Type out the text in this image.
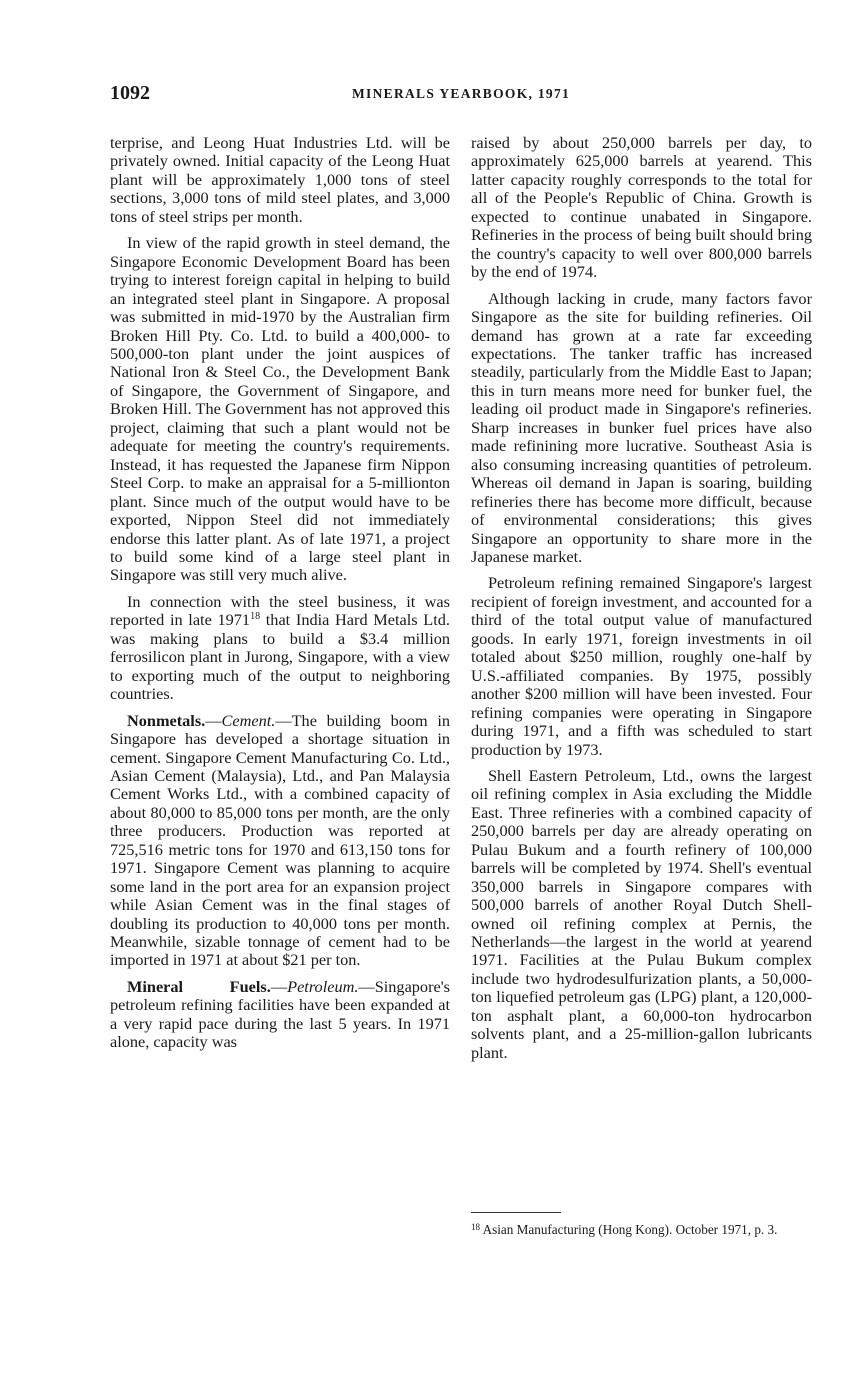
1092	MINERALS YEARBOOK, 1971

terprise, and Leong Huat Industries Ltd. will be privately owned. Initial capacity of the Leong Huat plant will be approximately 1,000 tons of steel sections, 3,000 tons of mild steel plates, and 3,000 tons of steel strips per month.

In view of the rapid growth in steel demand, the Singapore Economic Development Board has been trying to interest foreign capital in helping to build an integrated steel plant in Singapore. A proposal was submitted in mid-1970 by the Australian firm Broken Hill Pty. Co. Ltd. to build a 400,000- to 500,000-ton plant under the joint auspices of National Iron & Steel Co., the Development Bank of Singapore, the Government of Singapore, and Broken Hill. The Government has not approved this project, claiming that such a plant would not be adequate for meeting the country's requirements. Instead, it has requested the Japanese firm Nippon Steel Corp. to make an appraisal for a 5-millionton plant. Since much of the output would have to be exported, Nippon Steel did not immediately endorse this latter plant. As of late 1971, a project to build some kind of a large steel plant in Singapore was still very much alive.

In connection with the steel business, it was reported in late 1971$^{18}$ that India Hard Metals Ltd. was making plans to build a $3.4 million ferrosilicon plant in Jurong, Singapore, with a view to exporting much of the output to neighboring countries.

Nonmetals.—Cement.—The building boom in Singapore has developed a shortage situation in cement. Singapore Cement Manufacturing Co. Ltd., Asian Cement (Malaysia), Ltd., and Pan Malaysia Cement Works Ltd., with a combined capacity of about 80,000 to 85,000 tons per month, are the only three producers. Production was reported at 725,516 metric tons for 1970 and 613,150 tons for 1971. Singapore Cement was planning to acquire some land in the port area for an expansion project while Asian Cement was in the final stages of doubling its production to 40,000 tons per month. Meanwhile, sizable tonnage of cement had to be imported in 1971 at about $21 per ton.

Mineral Fuels.—Petroleum.—Singapore's petroleum refining facilities have been expanded at a very rapid pace during the last 5 years. In 1971 alone, capacity was

raised by about 250,000 barrels per day, to approximately 625,000 barrels at yearend. This latter capacity roughly corresponds to the total for all of the People's Republic of China. Growth is expected to continue unabated in Singapore. Refineries in the process of being built should bring the country's capacity to well over 800,000 barrels by the end of 1974.

Although lacking in crude, many factors favor Singapore as the site for building refineries. Oil demand has grown at a rate far exceeding expectations. The tanker traffic has increased steadily, particularly from the Middle East to Japan; this in turn means more need for bunker fuel, the leading oil product made in Singapore's refineries. Sharp increases in bunker fuel prices have also made refinining more lucrative. Southeast Asia is also consuming increasing quantities of petroleum. Whereas oil demand in Japan is soaring, building refineries there has become more difficult, because of environmental considerations; this gives Singapore an opportunity to share more in the Japanese market.

Petroleum refining remained Singapore's largest recipient of foreign investment, and accounted for a third of the total output value of manufactured goods. In early 1971, foreign investments in oil totaled about $250 million, roughly one-half by U.S.-affiliated companies. By 1975, possibly another $200 million will have been invested. Four refining companies were operating in Singapore during 1971, and a fifth was scheduled to start production by 1973.

Shell Eastern Petroleum, Ltd., owns the largest oil refining complex in Asia excluding the Middle East. Three refineries with a combined capacity of 250,000 barrels per day are already operating on Pulau Bukum and a fourth refinery of 100,000 barrels will be completed by 1974. Shell's eventual 350,000 barrels in Singapore compares with 500,000 barrels of another Royal Dutch Shell-owned oil refining complex at Pernis, the Netherlands—the largest in the world at yearend 1971. Facilities at the Pulau Bukum complex include two hydrodesulfurization plants, a 50,000-ton liquefied petroleum gas (LPG) plant, a 120,000-ton asphalt plant, a 60,000-ton hydrocarbon solvents plant, and a 25-million-gallon lubricants plant.

$^{18}$ Asian Manufacturing (Hong Kong). October 1971, p. 3.
